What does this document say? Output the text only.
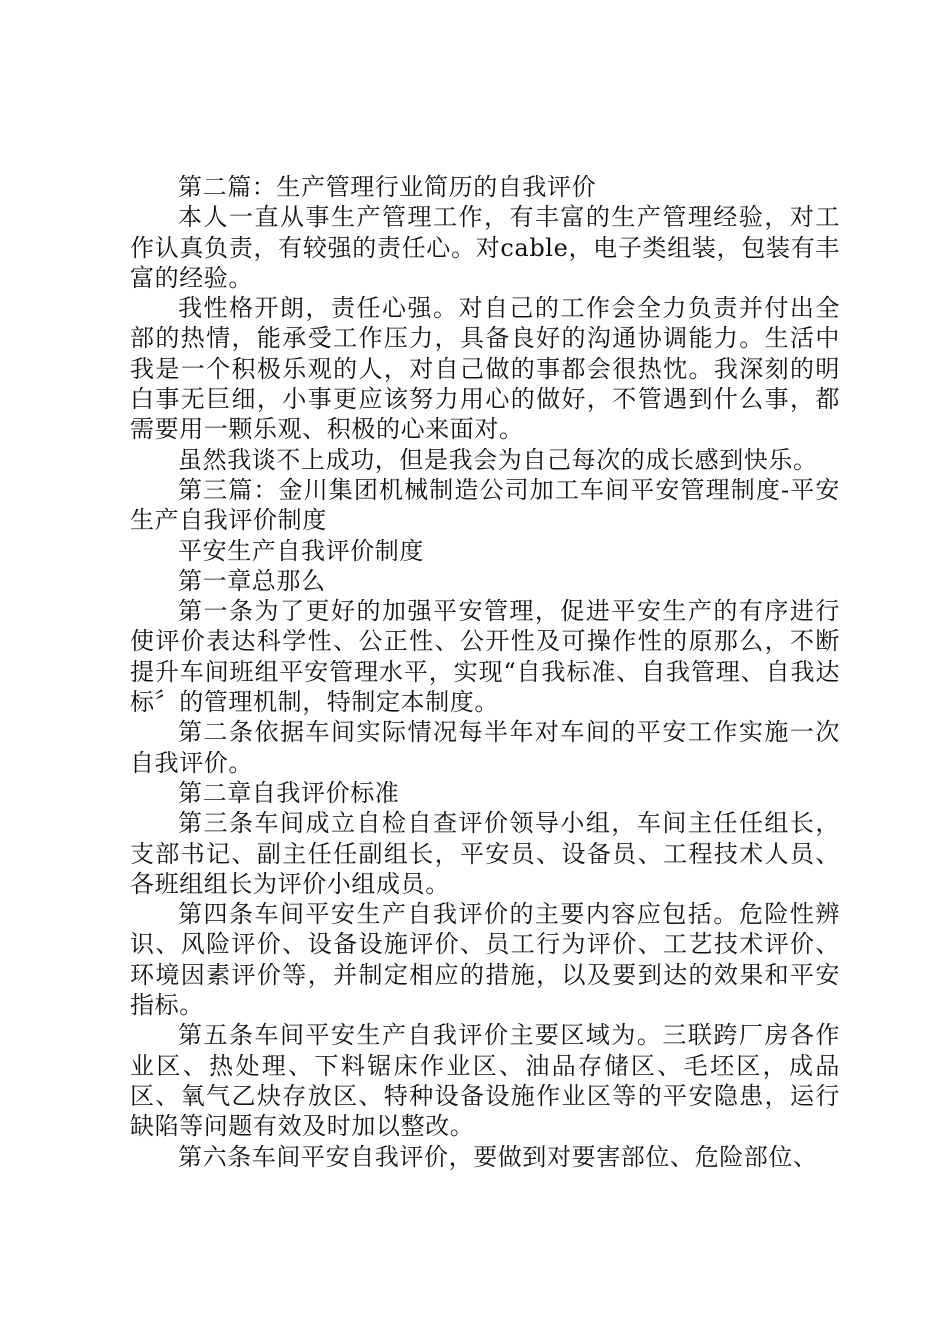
第二篇：生产管理行业简历的自我评价

本人一直从事生产管理工作，有丰富的生产管理经验，对工作认真负责，有较强的责任心。对cable，电子类组装，包装有丰富的经验。

我性格开朗，责任心强。对自己的工作会全力负责并付出全部的热情，能承受工作压力，具备良好的沟通协调能力。生活中我是一个积极乐观的人，对自己做的事都会很热忱。我深刻的明白事无巨细，小事更应该努力用心的做好，不管遇到什么事，都需要用一颗乐观、积极的心来面对。

虽然我谈不上成功，但是我会为自己每次的成长感到快乐。

第三篇：金川集团机械制造公司加工车间平安管理制度-平安生产自我评价制度

平安生产自我评价制度

第一章总那么

第一条为了更好的加强平安管理，促进平安生产的有序进行使评价表达科学性、公正性、公开性及可操作性的原那么，不断提升车间班组平安管理水平，实现“自我标准、自我管理、自我达标〞的管理机制，特制定本制度。

第二条依据车间实际情况每半年对车间的平安工作实施一次自我评价。

第二章自我评价标准

第三条车间成立自检自查评价领导小组，车间主任任组长，支部书记、副主任任副组长，平安员、设备员、工程技术人员、各班组组长为评价小组成员。

第四条车间平安生产自我评价的主要内容应包括。危险性辨识、风险评价、设备设施评价、员工行为评价、工艺技术评价、环境因素评价等，并制定相应的措施，以及要到达的效果和平安指标。

第五条车间平安生产自我评价主要区域为。三联跨厂房各作业区、热处理、下料锯床作业区、油品存储区、毛坯区，成品区、氧气乙炔存放区、特种设备设施作业区等的平安隐患，运行缺陷等问题有效及时加以整改。

第六条车间平安自我评价，要做到对要害部位、危险部位、
